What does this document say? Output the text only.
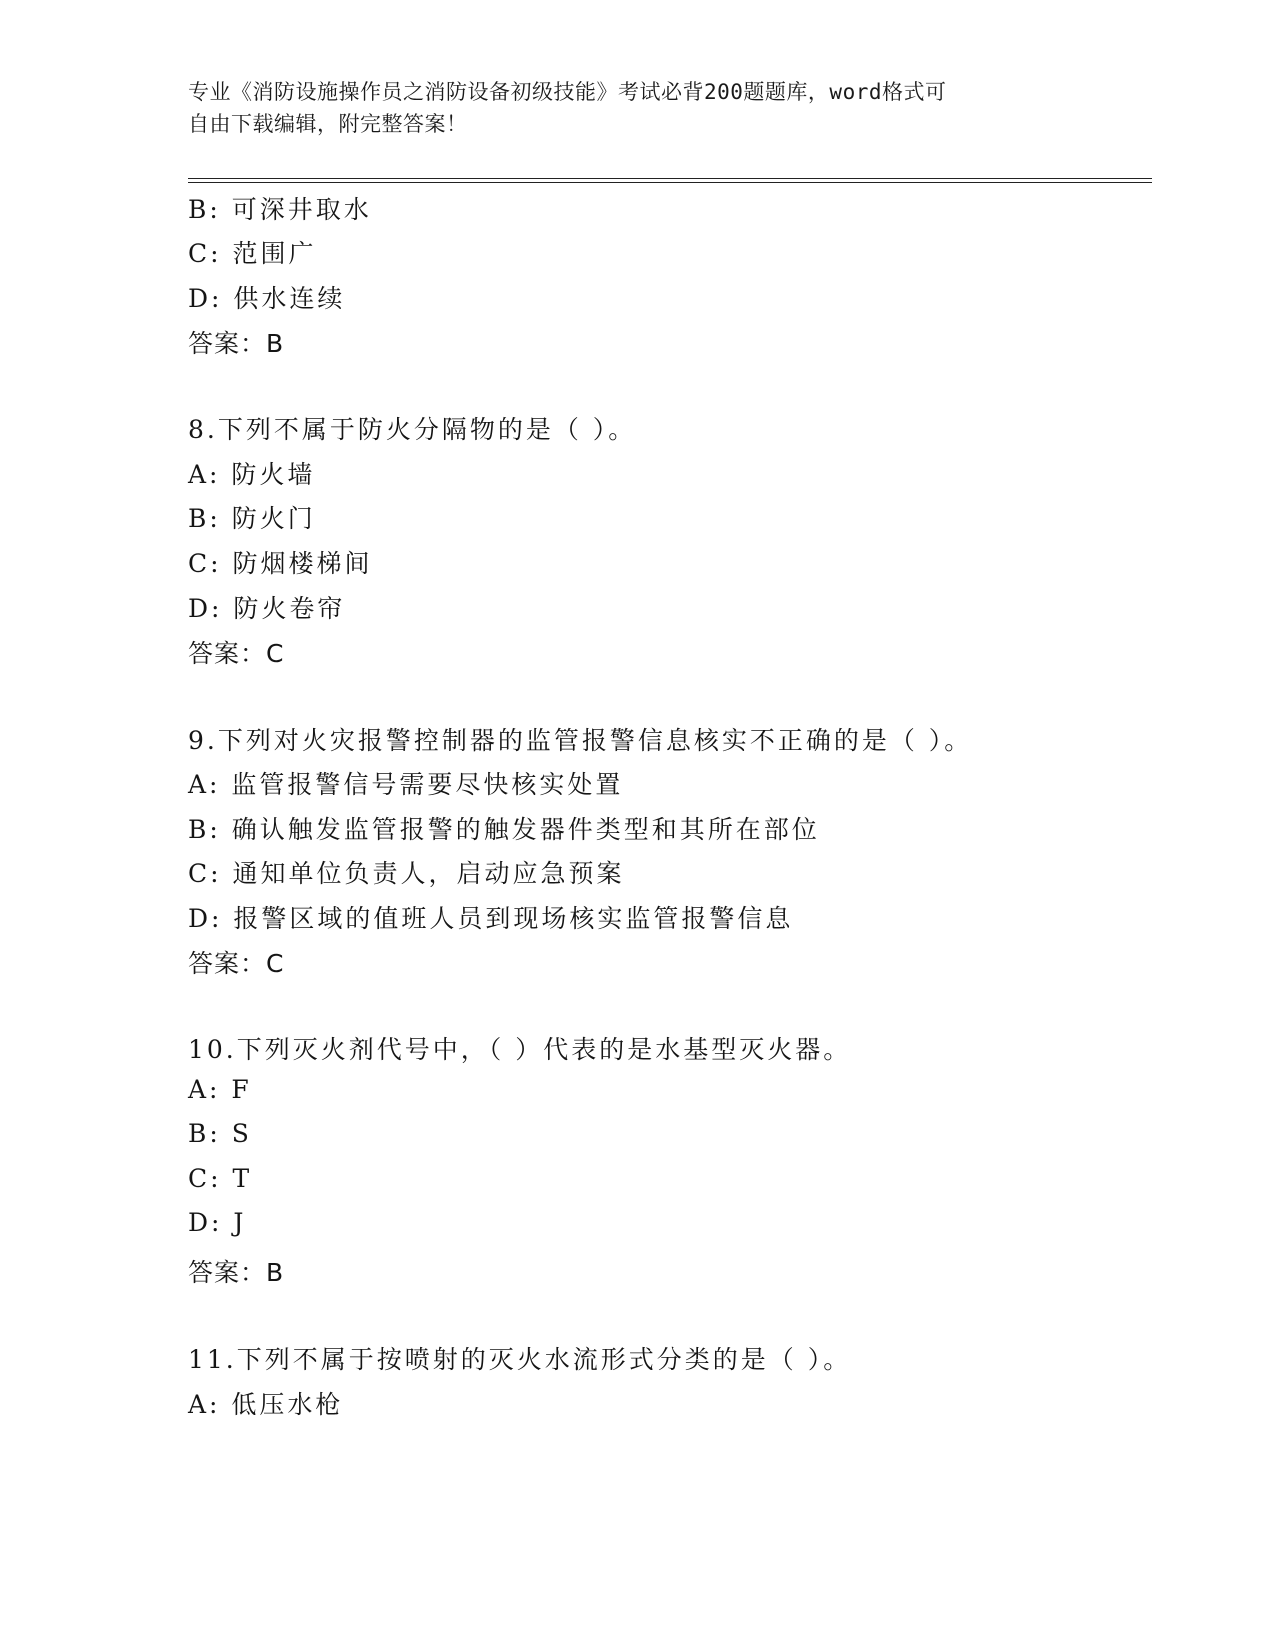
专业《消防设施操作员之消防设备初级技能》考试必背200题题库，word格式可
自由下载编辑，附完整答案！
B: 可深井取水
C: 范围广
D: 供水连续
答案：B
8.下列不属于防火分隔物的是（ ）。
A: 防火墙
B: 防火门
C: 防烟楼梯间
D: 防火卷帘
答案：C
9.下列对火灾报警控制器的监管报警信息核实不正确的是（ ）。
A: 监管报警信号需要尽快核实处置
B: 确认触发监管报警的触发器件类型和其所在部位
C: 通知单位负责人，启动应急预案
D: 报警区域的值班人员到现场核实监管报警信息
答案：C
10.下列灭火剂代号中，（ ）代表的是水基型灭火器。
A: F
B: S
C: T
D: J
答案：B
11.下列不属于按喷射的灭火水流形式分类的是（ ）。
A: 低压水枪
